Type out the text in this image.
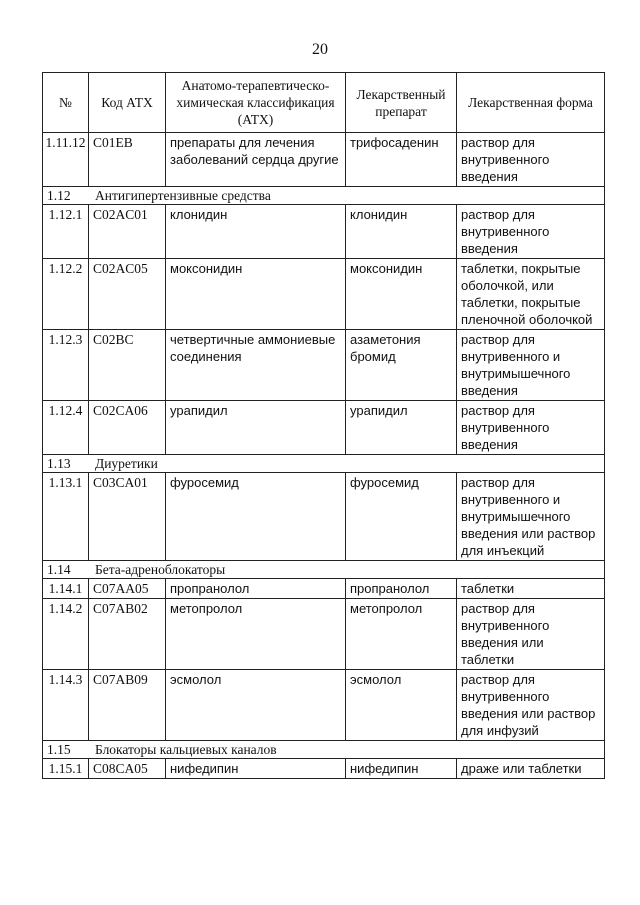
20
№	Код АТХ	Анатомо-терапевтическо-химическая классификация (АТХ)	Лекарственный препарат	Лекарственная форма
1.11.12	C01EB	препараты для лечения заболеваний сердца другие	трифосаденин	раствор для внутривенного введения
1.12 Антигипертензивные средства				
1.12.1	C02AC01	клонидин	клонидин	раствор для внутривенного введения
1.12.2	C02AC05	моксонидин	моксонидин	таблетки, покрытые оболочкой, или таблетки, покрытые пленочной оболочкой
1.12.3	C02BC	четвертичные аммониевые соединения	азаметония бромид	раствор для внутривенного и внутримышечного введения
1.12.4	C02CA06	урапидил	урапидил	раствор для внутривенного введения
1.13 Диуретики				
1.13.1	C03CA01	фуросемид	фуросемид	раствор для внутривенного и внутримышечного введения или раствор для инъекций
1.14 Бета-адреноблокаторы				
1.14.1	C07AA05	пропранолол	пропранолол	таблетки
1.14.2	C07AB02	метопролол	метопролол	раствор для внутривенного введения или таблетки
1.14.3	C07AB09	эсмолол	эсмолол	раствор для внутривенного введения или раствор для инфузий
1.15 Блокаторы кальциевых каналов				
1.15.1	C08CA05	нифедипин	нифедипин	драже или таблетки
